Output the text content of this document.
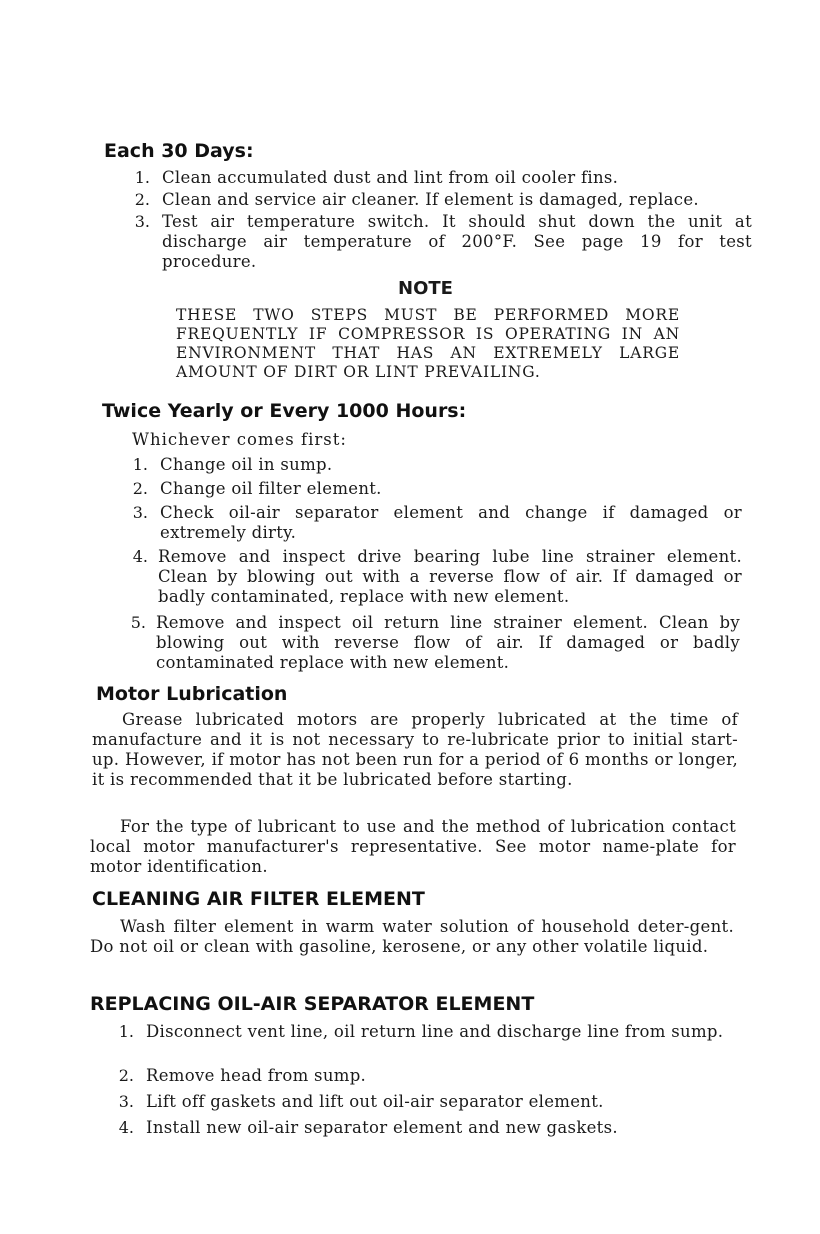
Each 30 Days:
1. Clean accumulated dust and lint from oil cooler fins.
2. Clean and service air cleaner. If element is damaged, replace.
3. Test air temperature switch. It should shut down the unit at discharge air temperature of 200°F. See page 19 for test procedure.
NOTE
THESE TWO STEPS MUST BE PERFORMED MORE FREQUENTLY IF COMPRESSOR IS OPERATING IN AN ENVIRONMENT THAT HAS AN EXTREMELY LARGE AMOUNT OF DIRT OR LINT PREVAILING.
Twice Yearly or Every 1000 Hours:
Whichever comes first:
1. Change oil in sump.
2. Change oil filter element.
3. Check oil-air separator element and change if damaged or extremely dirty.
4. Remove and inspect drive bearing lube line strainer element. Clean by blowing out with a reverse flow of air. If damaged or badly contaminated, replace with new element.
5. Remove and inspect oil return line strainer element. Clean by blowing out with reverse flow of air. If damaged or badly contaminated replace with new element.
Motor Lubrication
Grease lubricated motors are properly lubricated at the time of manufacture and it is not necessary to re-lubricate prior to initial start-up. However, if motor has not been run for a period of 6 months or longer, it is recommended that it be lubricated before starting.
For the type of lubricant to use and the method of lubrication contact local motor manufacturer's representative. See motor name-plate for motor identification.
CLEANING AIR FILTER ELEMENT
Wash filter element in warm water solution of household deter-gent. Do not oil or clean with gasoline, kerosene, or any other volatile liquid.
REPLACING OIL-AIR SEPARATOR ELEMENT
1. Disconnect vent line, oil return line and discharge line from sump.
2. Remove head from sump.
3. Lift off gaskets and lift out oil-air separator element.
4. Install new oil-air separator element and new gaskets.
